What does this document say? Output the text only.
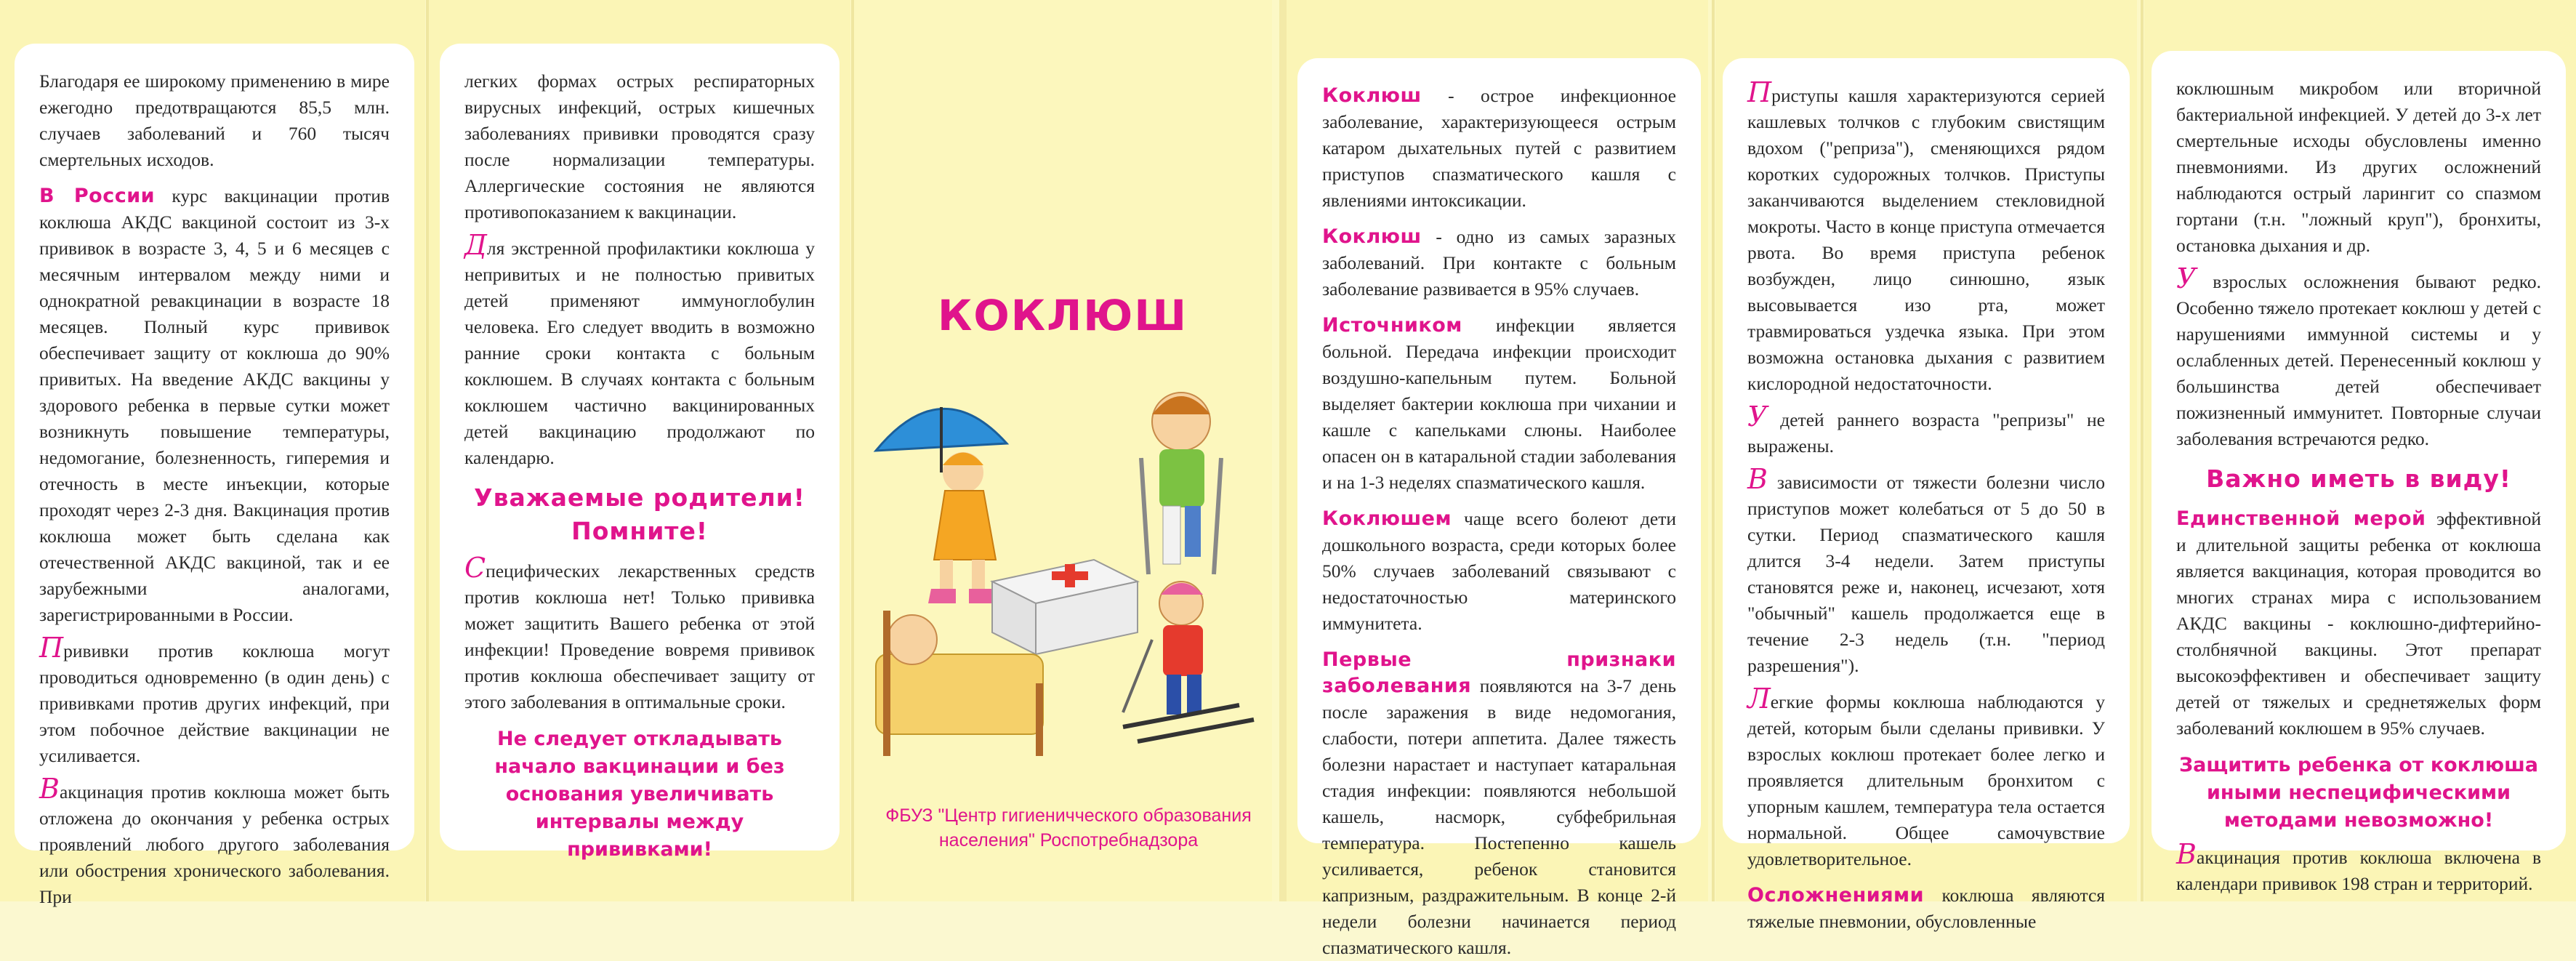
Благодаря ее широкому применению в мире ежегодно предотвращаются 85,5 млн. случаев заболеваний и 760 тысяч смертельных исходов.

В России курс вакцинации против коклюша АКДС вакциной состоит из 3-х прививок в возрасте 3, 4, 5 и 6 месяцев с месячным интервалом между ними и однократной ревакцинации в возрасте 18 месяцев. Полный курс прививок обеспечивает защиту от коклюша до 90% привитых. На введение АКДС вакцины у здорового ребенка в первые сутки может возникнуть повышение температуры, недомогание, болезненность, гиперемия и отечность в месте инъекции, которые проходят через 2-3 дня. Вакцинация против коклюша может быть сделана как отечественной АКДС вакциной, так и ее зарубежными аналогами, зарегистрированными в России.

Прививки против коклюша могут проводиться одновременно (в один день) с прививками против других инфекций, при этом побочное действие вакцинации не усиливается.

Вакцинация против коклюша может быть отложена до окончания у ребенка острых проявлений любого другого заболевания или обострения хронического заболевания. При

легких формах острых респираторных вирусных инфекций, острых кишечных заболеваниях прививки проводятся сразу после нормализации температуры. Аллергические состояния не являются противопоказанием к вакцинации.

Для экстренной профилактики коклюша у непривитых и не полностью привитых детей применяют иммуноглобулин человека. Его следует вводить в возможно ранние сроки контакта с больным коклюшем. В случаях контакта с больным коклюшем частично вакцинированных детей вакцинацию продолжают по календарю.

Уважаемые родители! Помните!

Специфических лекарственных средств против коклюша нет! Только прививка может защитить Вашего ребенка от этой инфекции! Проведение вовремя прививок против коклюша обеспечивает защиту от этого заболевания в оптимальные сроки.

Не следует откладывать начало вакцинации и без основания увеличивать интервалы между прививками!
КОКЛЮШ
ФБУЗ "Центр гигиеничческого образования населения" Роспотребнадзора

Коклюш - острое инфекционное заболевание, характеризующееся острым катаром дыхательных путей с развитием приступов спазматического кашля с явлениями интоксикации.

Коклюш - одно из самых заразных заболеваний. При контакте с больным заболевание развивается в 95% случаев.

Источником инфекции является больной. Передача инфекции происходит воздушно-капельным путем. Больной выделяет бактерии коклюша при чихании и кашле с капельками слюны. Наиболее опасен он в катаральной стадии заболевания и на 1-3 неделях спазматического кашля.

Коклюшем чаще всего болеют дети дошкольного возраста, среди которых более 50% случаев заболеваний связывают с недостаточностью материнского иммунитета.

Первые признаки заболевания появляются на 3-7 день после заражения в виде недомогания, слабости, потери аппетита. Далее тяжесть болезни нарастает и наступает катаральная стадия инфекции: появляются небольшой кашель, насморк, субфебрильная температура. Постепенно кашель усиливается, ребенок становится капризным, раздражительным. В конце 2-й недели болезни начинается период спазматического кашля.

Приступы кашля характеризуются серией кашлевых толчков с глубоким свистящим вдохом ("реприза"), сменяющихся рядом коротких судорожных толчков. Приступы заканчиваются выделением стекловидной мокроты. Часто в конце приступа отмечается рвота. Во время приступа ребенок возбужден, лицо синюшно, язык высовывается изо рта, может травмироваться уздечка языка. При этом возможна остановка дыхания с развитием кислородной недостаточности.

У детей раннего возраста "репризы" не выражены.

В зависимости от тяжести болезни число приступов может колебаться от 5 до 50 в сутки. Период спазматического кашля длится 3-4 недели. Затем приступы становятся реже и, наконец, исчезают, хотя "обычный" кашель продолжается еще в течение 2-3 недель (т.н. "период разрешения").

Легкие формы коклюша наблюдаются у детей, которым были сделаны прививки. У взрослых коклюш протекает более легко и проявляется длительным бронхитом с упорным кашлем, температура тела остается нормальной. Общее самочувствие удовлетворительное.

Осложнениями коклюша являются тяжелые пневмонии, обусловленные

коклюшным микробом или вторичной бактериальной инфекцией. У детей до 3-х лет смертельные исходы обусловлены именно пневмониями. Из других осложнений наблюдаются острый ларингит со спазмом гортани (т.н. "ложный круп"), бронхиты, остановка дыхания и др.

У взрослых осложнения бывают редко. Особенно тяжело протекает коклюш у детей с нарушениями иммунной системы и у ослабленных детей. Перенесенный коклюш у большинства детей обеспечивает пожизненный иммунитет. Повторные случаи заболевания встречаются редко.

Важно иметь в виду!

Единственной мерой эффективной и длительной защиты ребенка от коклюша является вакцинация, которая проводится во многих странах мира с использованием АКДС вакцины - коклюшно-дифтерийно-столбнячной вакцины. Этот препарат высокоэффективен и обеспечивает защиту детей от тяжелых и среднетяжелых форм заболеваний коклюшем в 95% случаев.

Защитить ребенка от коклюша иными неспецифическими методами невозможно!

Вакцинация против коклюша включена в календари прививок 198 стран и территорий.
